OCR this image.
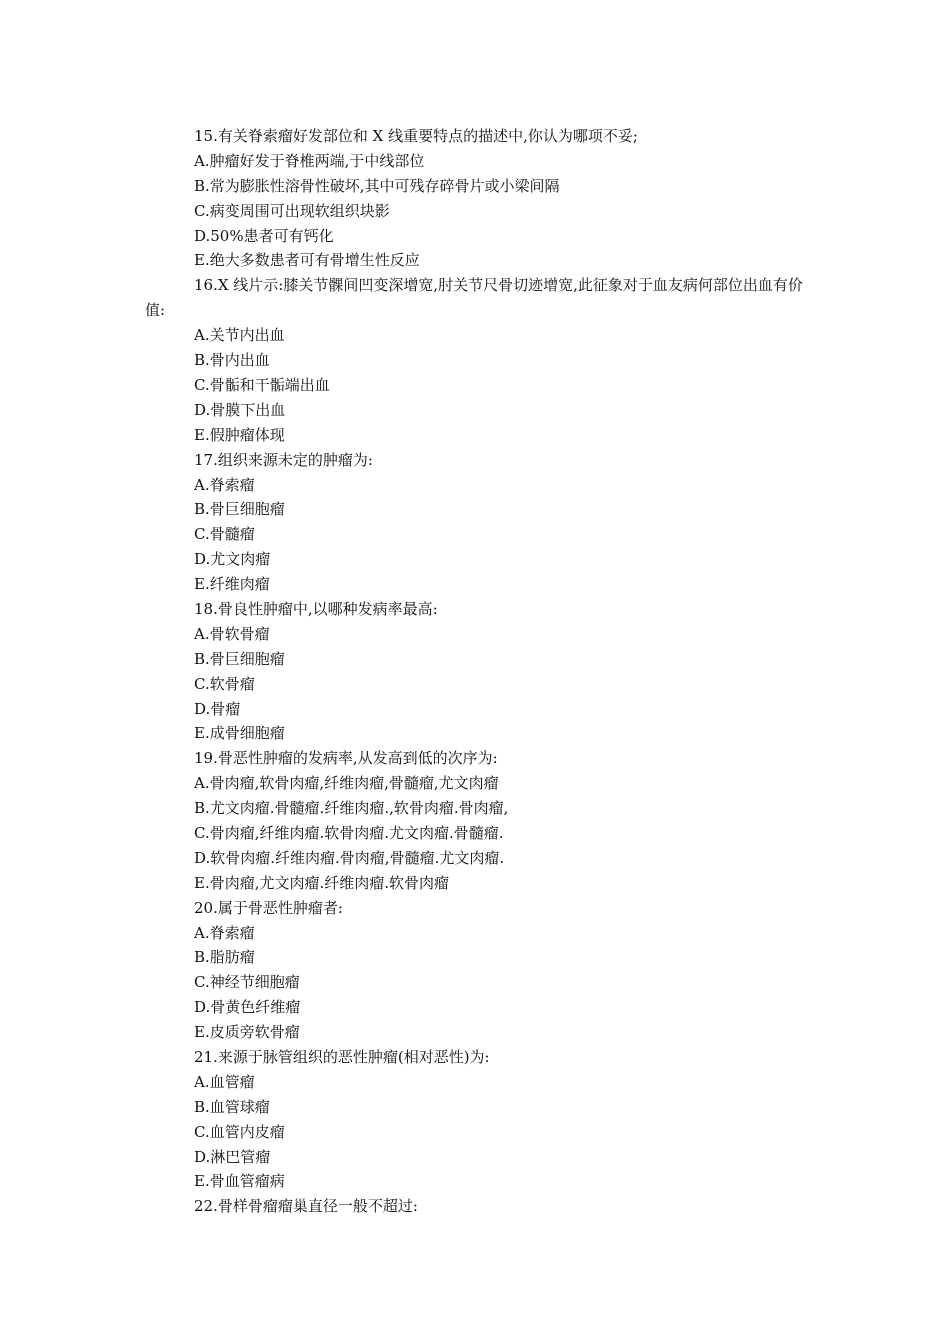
15.有关脊索瘤好发部位和 X 线重要特点的描述中,你认为哪项不妥;
A.肿瘤好发于脊椎两端,于中线部位
B.常为膨胀性溶骨性破坏,其中可残存碎骨片或小梁间隔
C.病变周围可出现软组织块影
D.50%患者可有钙化
E.绝大多数患者可有骨增生性反应
16.X 线片示:膝关节髁间凹变深增宽,肘关节尺骨切迹增宽,此征象对于血友病何部位出血有价值:
A.关节内出血
B.骨内出血
C.骨骺和干骺端出血
D.骨膜下出血
E.假肿瘤体现
17.组织来源未定的肿瘤为:
A.脊索瘤
B.骨巨细胞瘤
C.骨髓瘤
D.尤文肉瘤
E.纤维肉瘤
18.骨良性肿瘤中,以哪种发病率最高:
A.骨软骨瘤
B.骨巨细胞瘤
C.软骨瘤
D.骨瘤
E.成骨细胞瘤
19.骨恶性肿瘤的发病率,从发高到低的次序为:
A.骨肉瘤,软骨肉瘤,纤维肉瘤,骨髓瘤,尤文肉瘤
B.尤文肉瘤.骨髓瘤.纤维肉瘤.,软骨肉瘤.骨肉瘤,
C.骨肉瘤,纤维肉瘤.软骨肉瘤.尤文肉瘤.骨髓瘤.
D.软骨肉瘤.纤维肉瘤.骨肉瘤,骨髓瘤.尤文肉瘤.
E.骨肉瘤,尤文肉瘤.纤维肉瘤.软骨肉瘤
20.属于骨恶性肿瘤者:
A.脊索瘤
B.脂肪瘤
C.神经节细胞瘤
D.骨黄色纤维瘤
E.皮质旁软骨瘤
21.来源于脉管组织的恶性肿瘤(相对恶性)为:
A.血管瘤
B.血管球瘤
C.血管内皮瘤
D.淋巴管瘤
E.骨血管瘤病
22.骨样骨瘤瘤巢直径一般不超过:
